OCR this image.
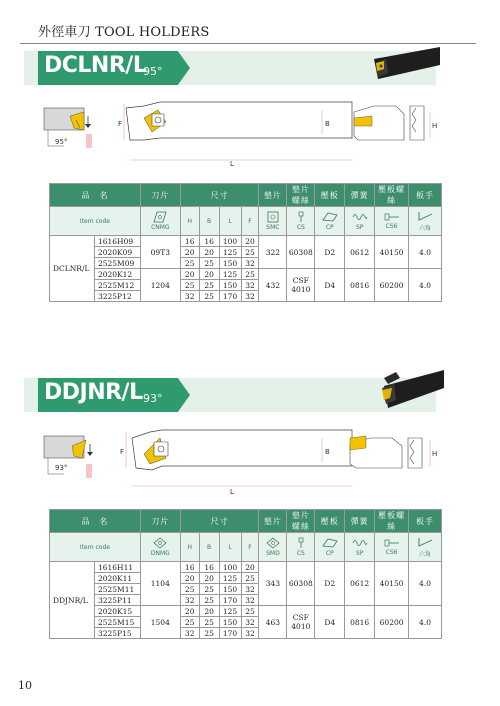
外徑車刀 TOOL HOLDERS
DCLNR/L
95°
95°
F
L
B	H
品　名		刀片	尺寸				墊片	墊片螺絲	壓板	彈簧	壓板螺絲	板手
Item code		CNMG	H	B	L	F	SMC	CS	CP	SP	CS6	六角

DCLNR/L	1616H09	09T3	16	16	100	20	322	60308	D2	0612	40150	4.0
	2020K09		20	20	125	25						
	2525M09		25	25	150	32						
	2020K12	1204	20	20	125	25	432	CSF 4010	D4	0816	60200	4.0
	2525M12		25	25	150	32						
	3225P12		32	25	170	32						
DDJNR/L 93°
93°
F
L
B	H
品　名		刀片	尺寸				墊片	墊片螺絲	壓板	彈簧	壓板螺絲	板手
Item code		DNMG	H	B	L	F	SMD	CS	CP	SP	CS6	六角

DDJNR/L	1616H11	1104	16	16	100	20	343	60308	D2	0612	40150	4.0
	2020K11		20	20	125	25						
	2525M11		25	25	150	32						
	3225P11		32	25	170	32						
	2020K15	1504	20	20	125	25	463	CSF 4010	D4	0816	60200	4.0
	2525M15		25	25	150	32						
	3225P15		32	25	170	32						
10
